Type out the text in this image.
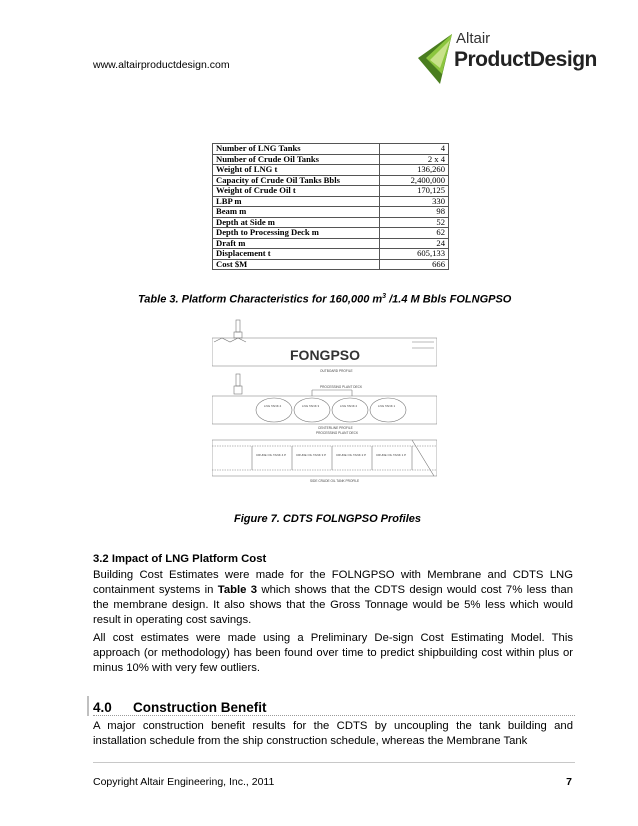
www.altairproductdesign.com
Altair
ProductDesign
Number of LNG Tanks	4
Number of Crude Oil Tanks	2 x 4
Weight of LNG t	136,260
Capacity of Crude Oil Tanks Bbls	2,400,000
Weight of Crude Oil t	170,125
LBP m	330
Beam m	98
Depth at Side m	52
Depth to Processing Deck m	62
Draft m	24
Displacement t	605,133
Cost $M	666
Table 3. Platform Characteristics for 160,000 $m^3$ /1.4 M Bbls FOLNGPSO
FONGPSO
OUTBOARD PROFILE
PROCESSING PLANT DECK
LNG TANK 4	LNG TANK 3	LNG TANK 2	LNG TANK 1
CENTERLINE PROFILE
PROCESSING PLANT DECK
CRUDE OIL TANK 4 P	CRUDE OIL TANK 3 P	CRUDE OIL TANK 2 P	CRUDE OIL TANK 1 P
SIDE CRUDE OIL TANK PROFILE
Figure 7. CDTS FOLNGPSO Profiles
3.2 Impact of LNG Platform Cost
Building Cost Estimates were made for the FOLNGPSO with Membrane and CDTS LNG containment systems in Table 3 which shows that the CDTS design would cost 7% less than the membrane design. It also shows that the Gross Tonnage would be 5% less which would result in operating cost savings.
All cost estimates were made using a Preliminary De-sign Cost Estimating Model. This approach (or methodology) has been found over time to predict shipbuilding cost within plus or minus 10% with very few outliers.
4.0 Construction Benefit
A major construction benefit results for the CDTS by uncoupling the tank building and installation schedule from the ship construction schedule, whereas the Membrane Tank
Copyright Altair Engineering, Inc., 2011	7
